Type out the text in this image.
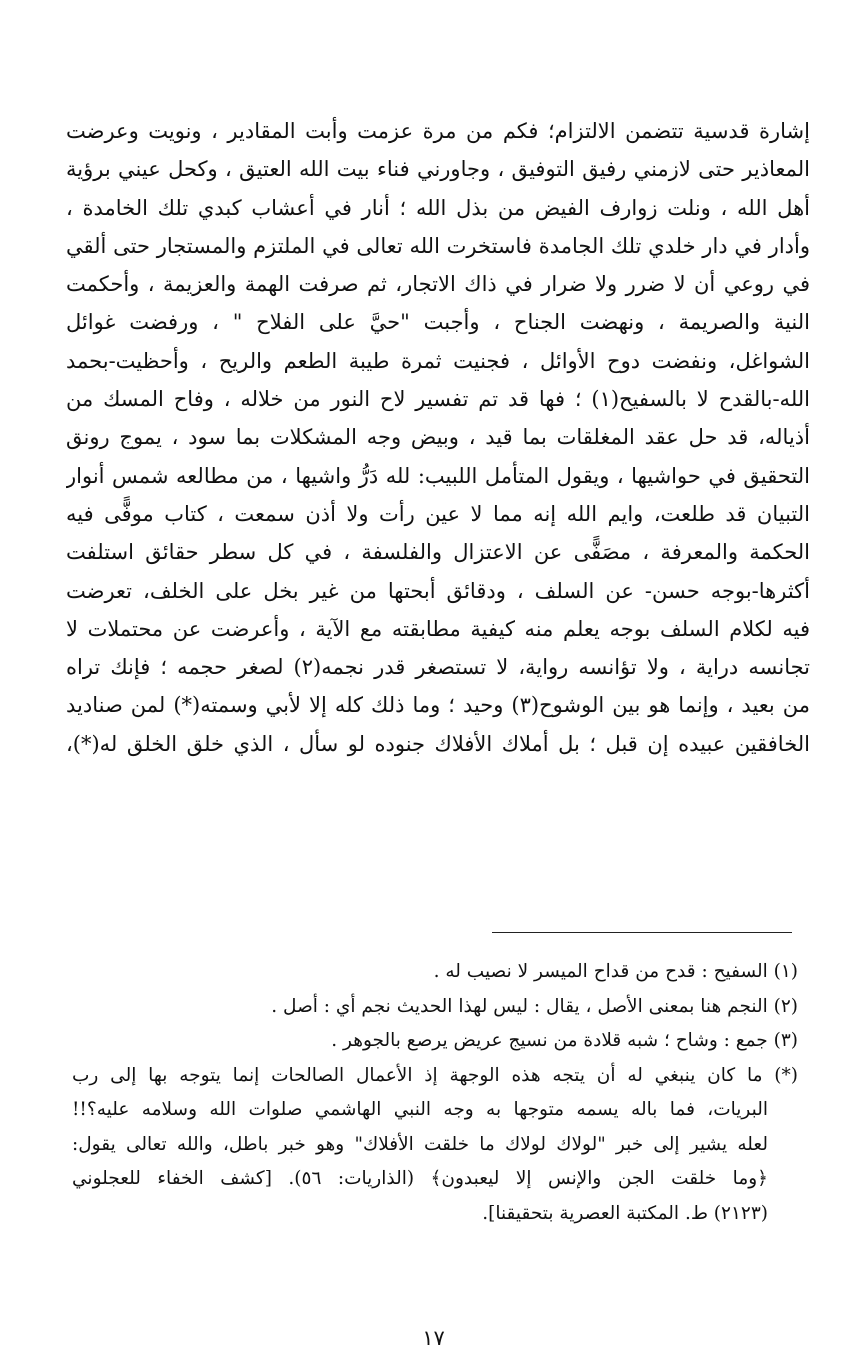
إشارة قدسية تتضمن الالتزام؛ فكم من مرة عزمت وأبت المقادير ، ونويت وعرضت
المعاذير حتى لازمني رفيق التوفيق ، وجاورني فناء بيت الله العتيق ، وكحل عيني برؤية
أهل الله ، ونلت زوارف الفيض من بذل الله ؛ أنار في أعشاب كبدي تلك الخامدة ،
وأدار في دار خلدي تلك الجامدة فاستخرت الله تعالى في الملتزم والمستجار حتى ألقي
في روعي أن لا ضرر ولا ضرار في ذاك الاتجار، ثم صرفت الهمة والعزيمة ، وأحكمت
النية والصريمة ، ونهضت الجناح ، وأجبت "حيَّ على الفلاح " ، ورفضت غوائل
الشواغل، ونفضت دوح الأوائل ، فجنيت ثمرة طيبة الطعم والريح ، وأحظيت-بحمد
الله-بالقدح لا بالسفيح(١) ؛ فها قد تم تفسير لاح النور من خلاله ، وفاح المسك من
أذياله، قد حل عقد المغلقات بما قيد ، وبيض وجه المشكلات بما سود ، يموج رونق
التحقيق في حواشيها ، ويقول المتأمل اللبيب: لله دَرُّ واشيها ، من مطالعه شمس أنوار
التبيان قد طلعت، وايم الله إنه مما لا عين رأت ولا أذن سمعت ، كتاب موفًّى فيه
الحكمة والمعرفة ، مصَفًّى عن الاعتزال والفلسفة ، في كل سطر حقائق استلفت
أكثرها-بوجه حسن- عن السلف ، ودقائق أبحتها من غير بخل على الخلف، تعرضت
فيه لكلام السلف بوجه يعلم منه كيفية مطابقته مع الآية ، وأعرضت عن محتملات لا
تجانسه دراية ، ولا تؤانسه رواية، لا تستصغر قدر نجمه(٢) لصغر حجمه ؛ فإنك تراه
من بعيد ، وإنما هو بين الوشوح(٣) وحيد ؛ وما ذلك كله إلا لأبي وسمته(*) لمن صناديد
الخافقين عبيده إن قبل ؛ بل أملاك الأفلاك جنوده لو سأل ، الذي خلق الخلق له(*)،
(١) السفيح : قدح من قداح الميسر لا نصيب له .
(٢) النجم هنا بمعنى الأصل ، يقال : ليس لهذا الحديث نجم أي : أصل .
(٣) جمع : وشاح ؛ شبه قلادة من نسيج عريض يرصع بالجوهر .
(*) ما كان ينبغي له أن يتجه هذه الوجهة إذ الأعمال الصالحات إنما يتوجه بها إلى رب
البريات، فما باله يسمه متوجها به وجه النبي الهاشمي صلوات الله وسلامه عليه؟!!
لعله يشير إلى خبر "لولاك لولاك ما خلقت الأفلاك" وهو خبر باطل، والله تعالى يقول:
﴿وما خلقت الجن والإنس إلا ليعبدون﴾ (الذاريات: ٥٦). [كشف الخفاء للعجلوني
(٢١٢٣) ط. المكتبة العصرية بتحقيقنا].
١٧
